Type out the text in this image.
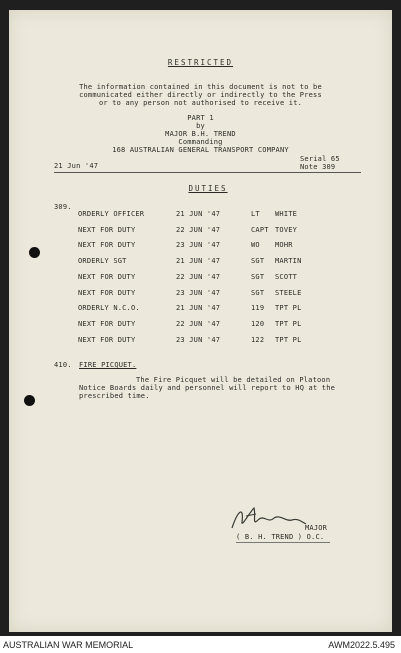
RESTRICTED
The information contained in this document is not to be
communicated either directly or indirectly to the Press
or to any person not authorised to receive it.
PART 1
by
MAJOR B.H. TREND
Commanding
168 AUSTRALIAN GENERAL TRANSPORT COMPANY
21 Jun '47
Serial 65
Note 309
DUTIES
309.
ORDERLY OFFICER	21 JUN '47	LT WHITE
NEXT FOR DUTY	22 JUN '47	CAPT TOVEY
NEXT FOR DUTY	23 JUN '47	WO MOHR
ORDERLY SGT	21 JUN '47	SGT MARTIN
NEXT FOR DUTY	22 JUN '47	SGT SCOTT
NEXT FOR DUTY	23 JUN '47	SGT STEELE
ORDERLY N.C.O.	21 JUN '47	119 TPT PL
NEXT FOR DUTY	22 JUN '47	120 TPT PL
NEXT FOR DUTY	23 JUN '47	122 TPT PL
410. FIRE PICQUET.
The Fire Picquet will be detailed on Platoon
Notice Boards daily and personnel will report to HQ at the
prescribed time.
MAJOR
( B. H. TREND ) O.C.
AUSTRALIAN WAR MEMORIAL	AWM2022.5.495
